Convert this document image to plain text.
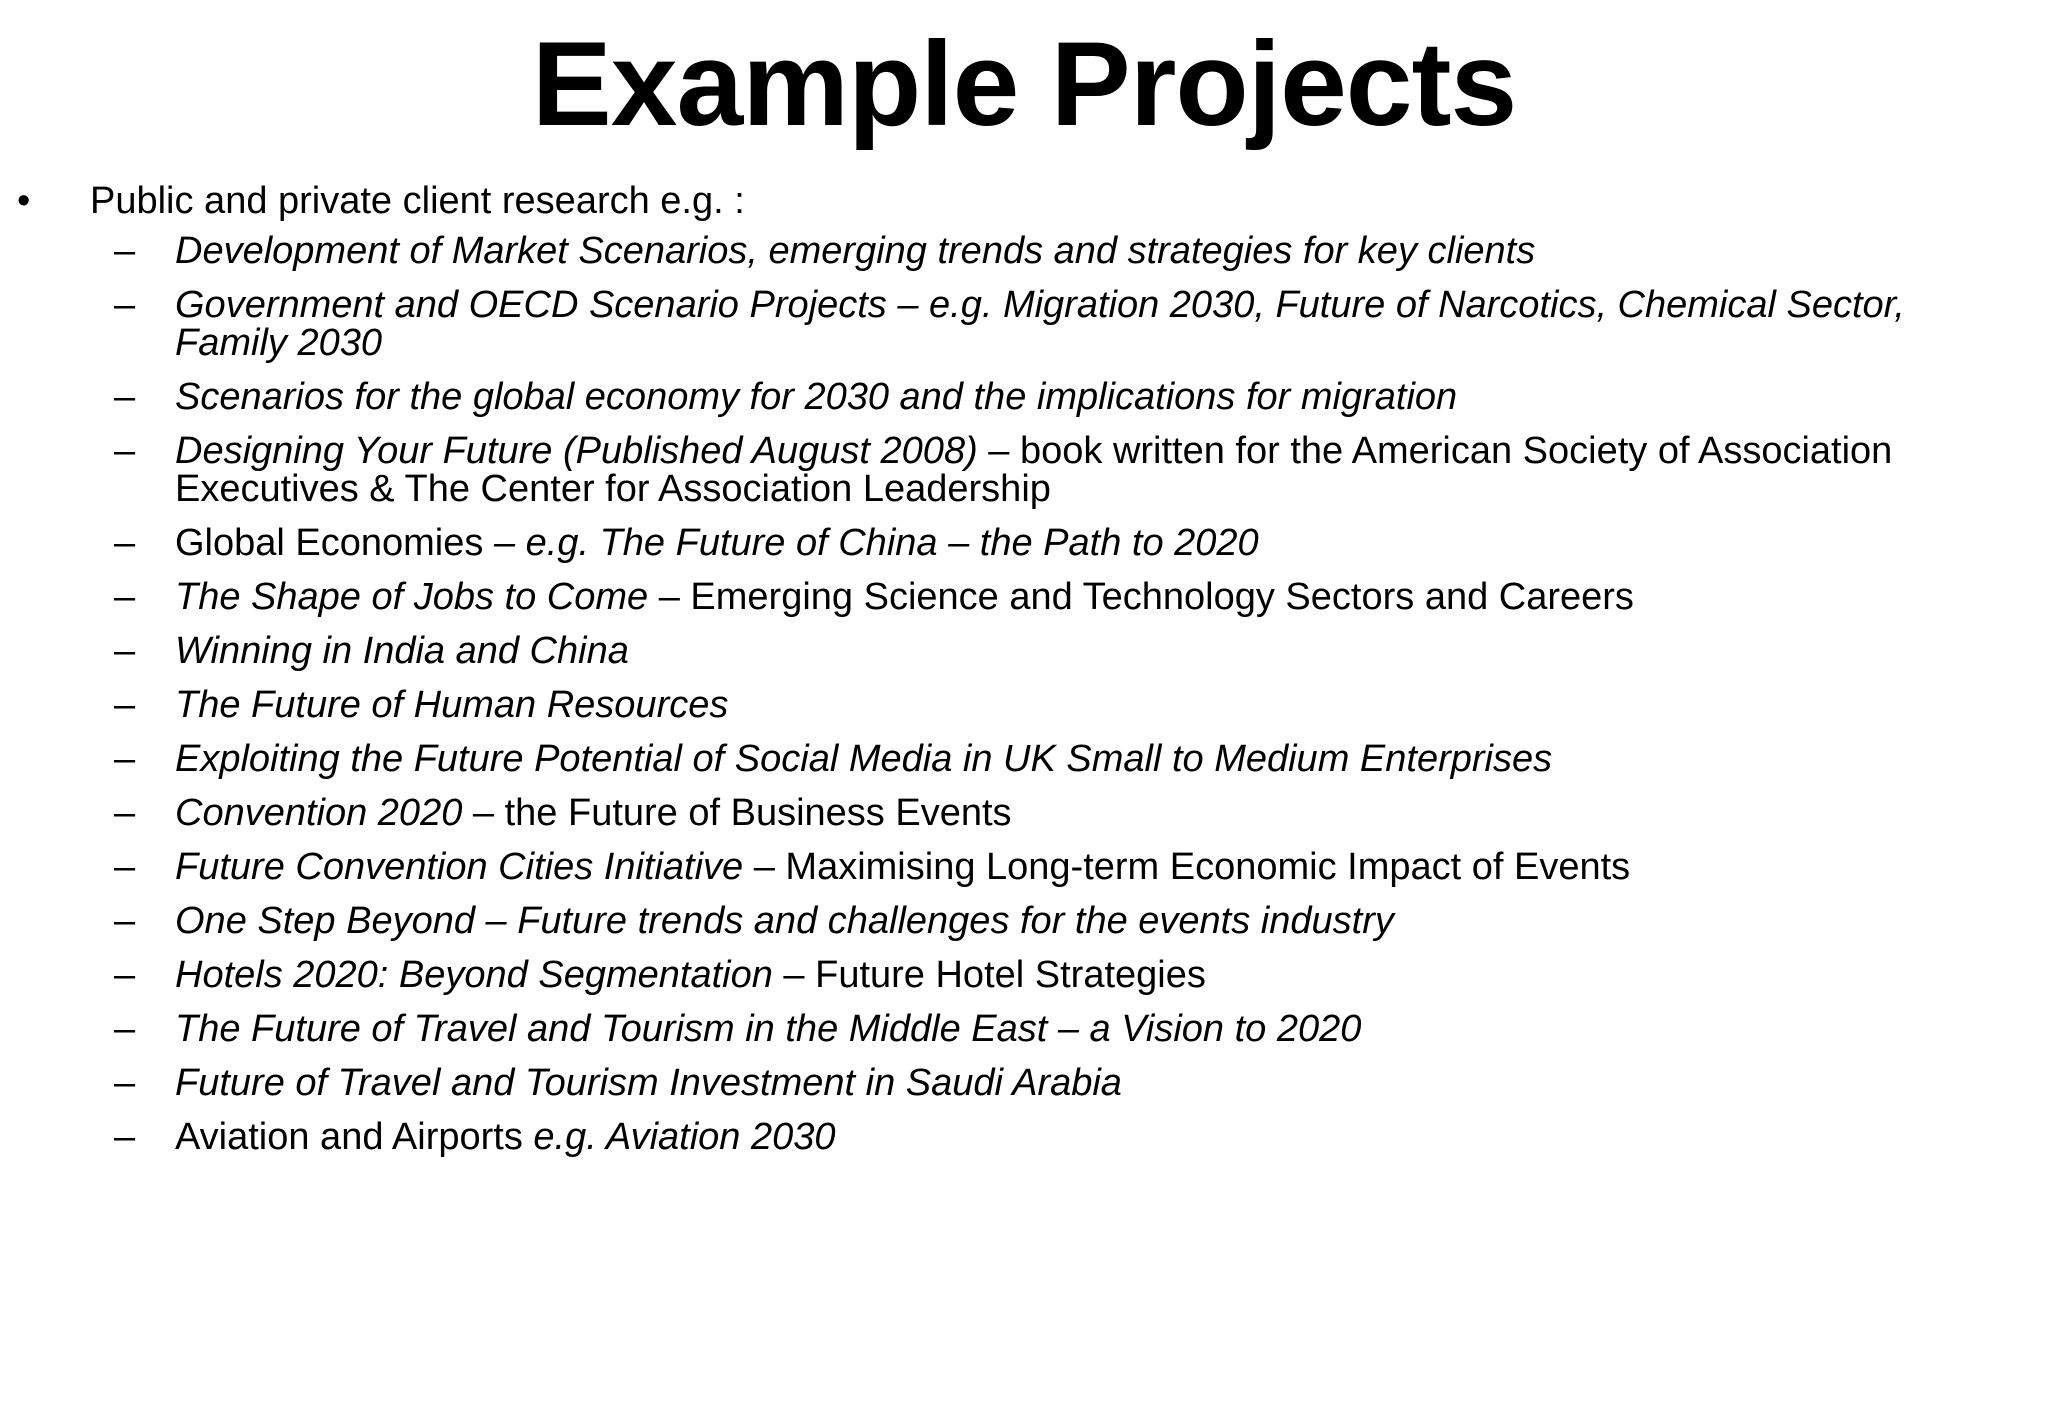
Example Projects
• Public and private client research e.g. :
– Development of Market Scenarios, emerging trends and strategies for key clients
– Government and OECD Scenario Projects – e.g. Migration 2030, Future of Narcotics, Chemical Sector, Family 2030
– Scenarios for the global economy for 2030 and the implications for migration
– Designing Your Future (Published August 2008) – book written for the American Society of Association Executives & The Center for Association Leadership
– Global Economies – e.g. The Future of China – the Path to 2020
– The Shape of Jobs to Come – Emerging Science and Technology Sectors and Careers
– Winning in India and China
– The Future of Human Resources
– Exploiting the Future Potential of Social Media in UK Small to Medium Enterprises
– Convention 2020 – the Future of Business Events
– Future Convention Cities Initiative – Maximising Long-term Economic Impact of Events
– One Step Beyond – Future trends and challenges for the events industry
– Hotels 2020: Beyond Segmentation – Future Hotel Strategies
– The Future of Travel and Tourism in the Middle East – a Vision to 2020
– Future of Travel and Tourism Investment in Saudi Arabia
– Aviation and Airports e.g. Aviation 2030
